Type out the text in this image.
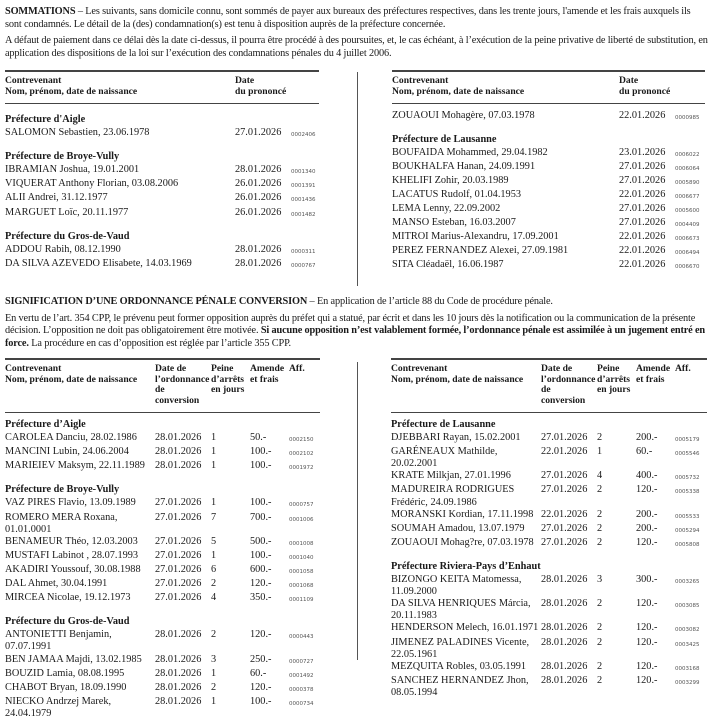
SOMMATIONS – Les suivants, sans domicile connu, sont sommés de payer aux bureaux des préfectures respectives, dans les trente jours, l'amende et les frais auxquels ils sont condamnés. Le détail de la (des) condamnation(s) est tenu à disposition auprès de la préfecture concernée.

A défaut de paiement dans ce délai dès la date ci-dessus, il pourra être procédé à des poursuites, et, le cas échéant, à l’exécution de la peine privative de liberté de substitution, en application des dispositions de la loi sur l’exécution des condamnations pénales du 4 juillet 2006.

Contrevenant
Nom, prénom, date de naissance	Date
du prononcé	
Préfecture d'Aigle		
SALOMON Sebastien, 23.06.1978	27.01.2026	0002406
Préfecture de Broye-Vully		
IBRAMIAN Joshua, 19.01.2001	28.01.2026	0001340
VIQUERAT Anthony Florian, 03.08.2006	26.01.2026	0001391
ALII Andrei, 31.12.1977	26.01.2026	0001436
MARGUET Loïc, 20.11.1977	26.01.2026	0001482
Préfecture du Gros-de-Vaud		
ADDOU Rabih, 08.12.1990	28.01.2026	0000311
DA SILVA AZEVEDO Elisabete, 14.03.1969	28.01.2026	0000767
Contrevenant
Nom, prénom, date de naissance	Date
du prononcé	

ZOUAOUI Mohagère, 07.03.1978	22.01.2026	0000985
Préfecture de Lausanne		
BOUFAIDA Mohammed, 29.04.1982	23.01.2026	0006022
BOUKHALFA Hanan, 24.09.1991	27.01.2026	0006064
KHELIFI Zohir, 20.03.1989	27.01.2026	0005890
LACATUS Rudolf, 01.04.1953	22.01.2026	0006677
LEMA Lenny, 22.09.2002	27.01.2026	0005600
MANSO Esteban, 16.03.2007	27.01.2026	0004409
MITROI Marius-Alexandru, 17.09.2001	22.01.2026	0006673
PEREZ FERNANDEZ Alexei, 27.09.1981	22.01.2026	0006494
SITA Cléadaël, 16.06.1987	22.01.2026	0006670

SIGNIFICATION D’UNE ORDONNANCE PÉNALE CONVERSION – En application de l’article 88 du Code de procédure pénale.

En vertu de l’art. 354 CPP, le prévenu peut former opposition auprès du préfet qui a statué, par écrit et dans les 10 jours dès la notification ou la communication de la présente décision. L’opposition ne doit pas obligatoirement être motivée. Si aucune opposition n’est valablement formée, l’ordonnance pénale est assimilée à un jugement entré en force. La procédure en cas d’opposition est réglée par l’article 355 CPP.

Contrevenant
Nom, prénom, date de naissance	Date de
l’ordonnance
de conversion	Peine
d’arrêts
en jours	Amende
et frais	Aff.
Préfecture d’Aigle				
CAROLEA Danciu, 28.02.1986	28.01.2026	1	50.-	0002150
MANCINI Lubin, 24.06.2004	28.01.2026	1	100.-	0002102
MARIEIEV Maksym, 22.11.1989	28.01.2026	1	100.-	0001972
Préfecture de Broye-Vully				
VAZ PIRES Flavio, 13.09.1989	27.01.2026	1	100.-	0000757
ROMERO MERA Roxana, 01.01.0001	27.01.2026	7	700.-	0001006
BENAMEUR Théo, 12.03.2003	27.01.2026	5	500.-	0001008
MUSTAFI Labinot , 28.07.1993	27.01.2026	1	100.-	0001040
AKADIRI Youssouf, 30.08.1988	27.01.2026	6	600.-	0001058
DAL Ahmet, 30.04.1991	27.01.2026	2	120.-	0001068
MIRCEA Nicolae, 19.12.1973	27.01.2026	4	350.-	0001109
Préfecture du Gros-de-Vaud				
ANTONIETTI Benjamin, 07.07.1991	28.01.2026	2	120.-	0000443
BEN JAMAA Majdi, 13.02.1985	28.01.2026	3	250.-	0000727
BOUZID Lamia, 08.08.1995	28.01.2026	1	60.-	0001492
CHABOT Bryan, 18.09.1990	28.01.2026	2	120.-	0000378
NIECKO Andrzej Marek, 24.04.1979	28.01.2026	1	100.-	0000734
Contrevenant
Nom, prénom, date de naissance	Date de
l’ordonnance
de conversion	Peine
d’arrêts
en jours	Amende
et frais	Aff.
Préfecture de Lausanne				
DJEBBARI Rayan, 15.02.2001	27.01.2026	2	200.-	0005179
GARÉNEAUX Mathilde, 20.02.2001	22.01.2026	1	60.-	0005546
KRATE Milkjan, 27.01.1996	27.01.2026	4	400.-	0005732
MADUREIRA RODRIGUES Frédéric, 24.09.1986	27.01.2026	2	120.-	0005338
MORANSKI Kordian, 17.11.1998	22.01.2026	2	200.-	0005533
SOUMAH Amadou, 13.07.1979	27.01.2026	2	200.-	0005294
ZOUAOUI Mohag?re, 07.03.1978	27.01.2026	2	120.-	0005808
Préfecture Riviera-Pays d’Enhaut				
BIZONGO KEITA Matomessa, 11.09.2000	28.01.2026	3	300.-	0003265
DA SILVA HENRIQUES Márcia, 20.11.1983	28.01.2026	2	120.-	0003085
HENDERSON Melech, 16.01.1971	28.01.2026	2	120.-	0003082
JIMENEZ PALADINES Vicente, 22.05.1961	28.01.2026	2	120.-	0003425
MEZQUITA Robles, 03.05.1991	28.01.2026	2	120.-	0003168
SANCHEZ HERNANDEZ Jhon, 08.05.1994	28.01.2026	2	120.-	0003299
